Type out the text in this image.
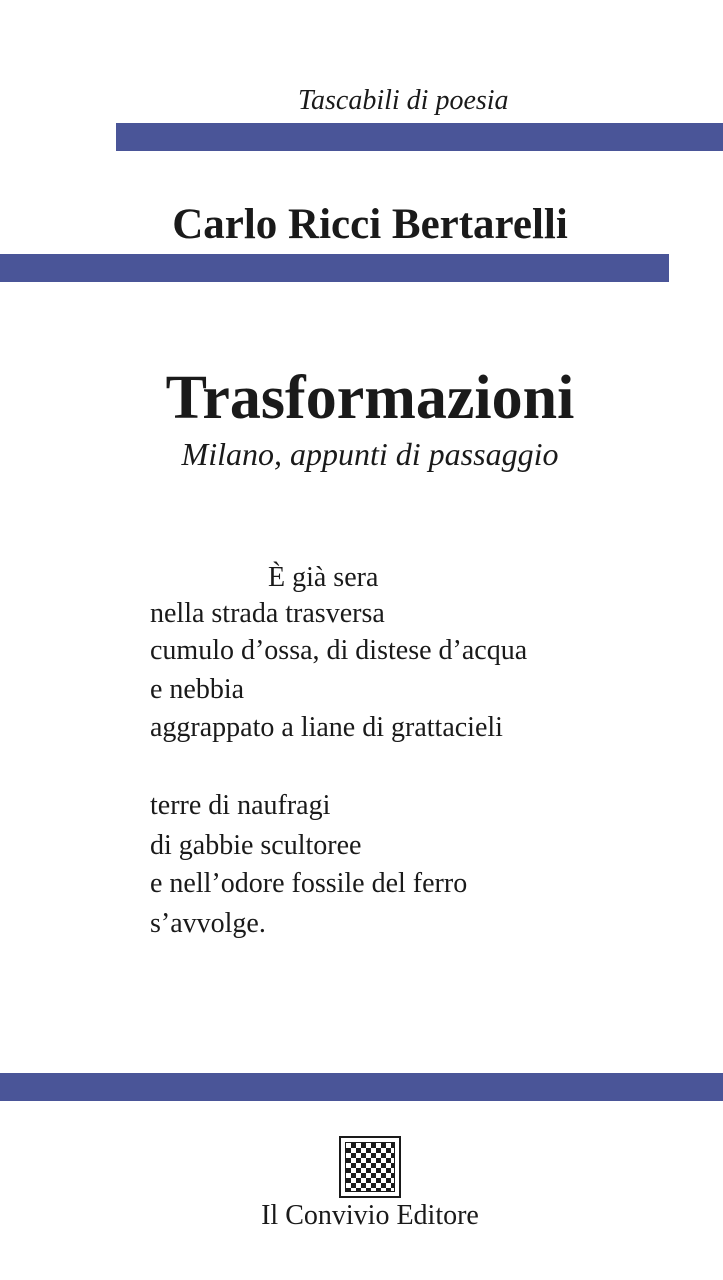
Tascabili di poesia
Carlo Ricci Bertarelli
Trasformazioni
Milano, appunti di passaggio
È già sera
nella strada trasversa
cumulo d’ossa, di distese d’acqua
e nebbia
aggrappato a liane di grattacieli
terre di naufragi
di gabbie scultoree
e nell’odore fossile del ferro
s’avvolge.
Il Convivio Editore
